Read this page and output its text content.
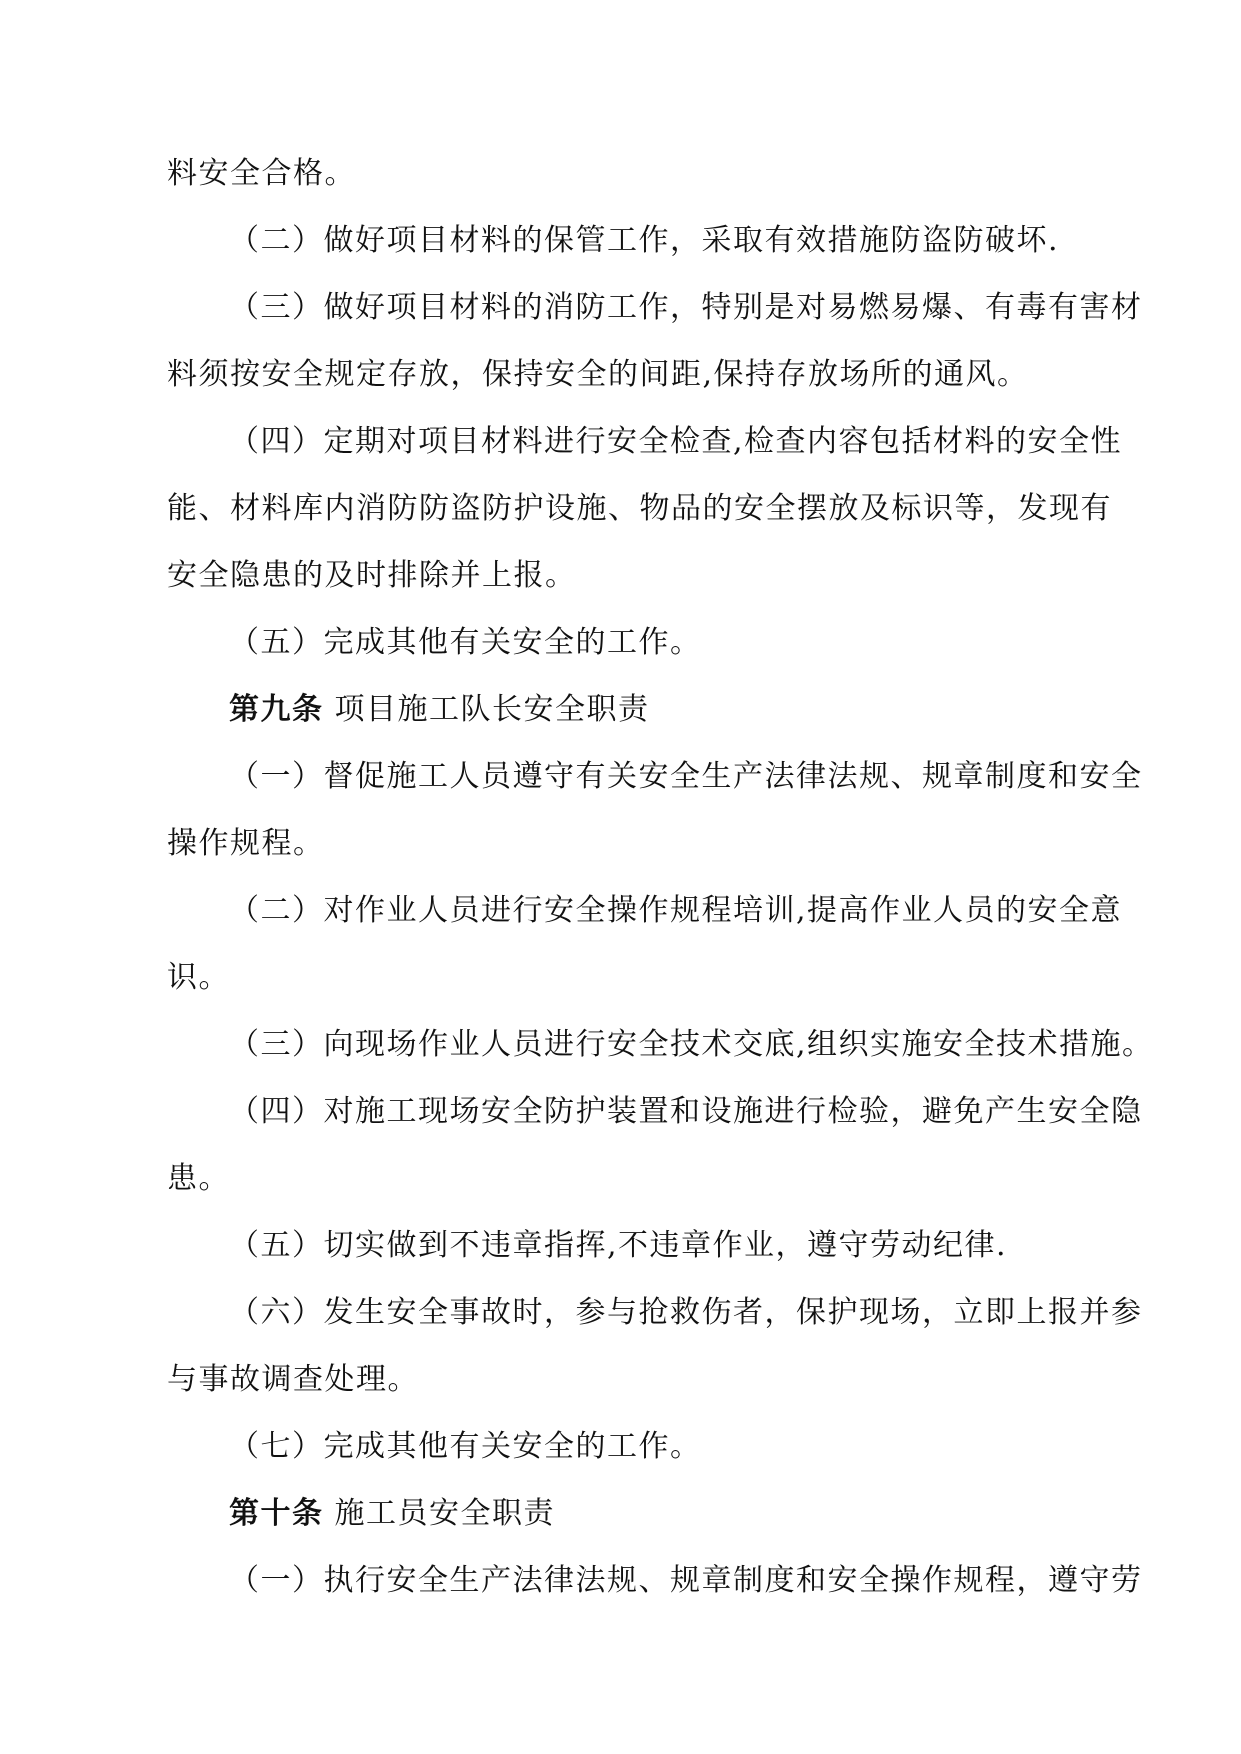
料安全合格。
（二）做好项目材料的保管工作，采取有效措施防盗防破坏.
（三）做好项目材料的消防工作，特别是对易燃易爆、有毒有害材
料须按安全规定存放，保持安全的间距,保持存放场所的通风。
（四）定期对项目材料进行安全检查,检查内容包括材料的安全性
能、材料库内消防防盗防护设施、物品的安全摆放及标识等，发现有
安全隐患的及时排除并上报。
（五）完成其他有关安全的工作。
第九条 项目施工队长安全职责
（一）督促施工人员遵守有关安全生产法律法规、规章制度和安全
操作规程。
（二）对作业人员进行安全操作规程培训,提高作业人员的安全意
识。
（三）向现场作业人员进行安全技术交底,组织实施安全技术措施。
（四）对施工现场安全防护装置和设施进行检验，避免产生安全隐
患。
（五）切实做到不违章指挥,不违章作业，遵守劳动纪律.
（六）发生安全事故时，参与抢救伤者，保护现场，立即上报并参
与事故调查处理。
（七）完成其他有关安全的工作。
第十条 施工员安全职责
（一）执行安全生产法律法规、规章制度和安全操作规程，遵守劳
